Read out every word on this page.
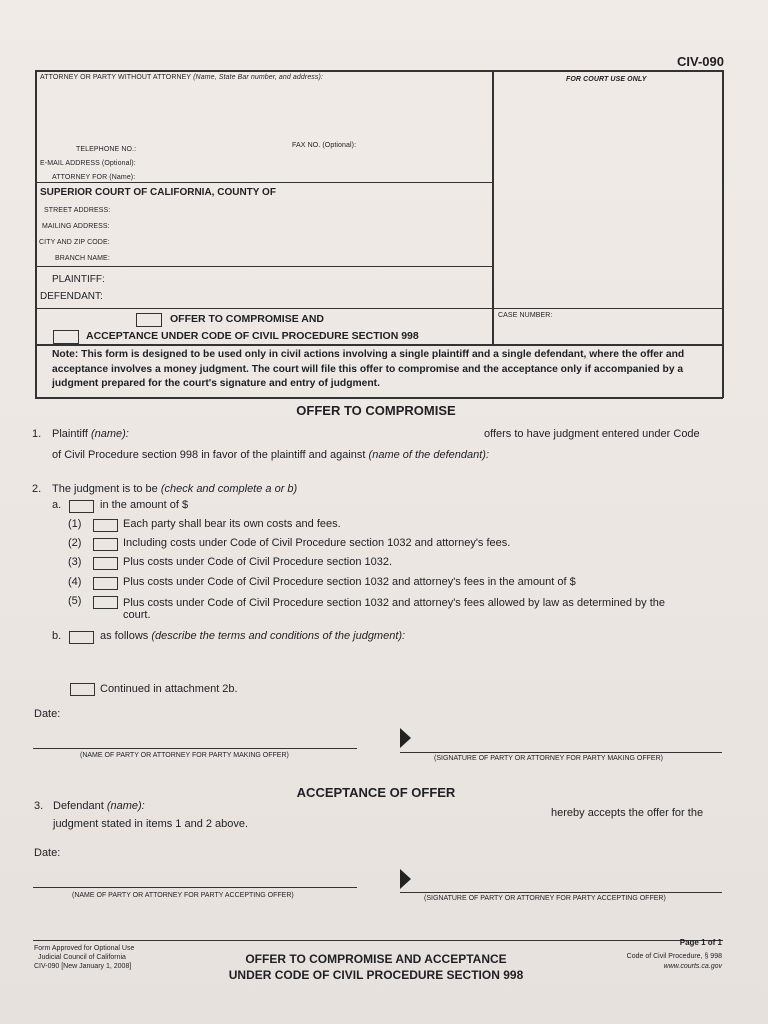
CIV-090
ATTORNEY OR PARTY WITHOUT ATTORNEY (Name, State Bar number, and address):	FOR COURT USE ONLY
TELEPHONE NO.:
FAX NO. (Optional):
E-MAIL ADDRESS (Optional):
ATTORNEY FOR (Name):
SUPERIOR COURT OF CALIFORNIA, COUNTY OF
STREET ADDRESS:
MAILING ADDRESS:
CITY AND ZIP CODE:
BRANCH NAME:
PLAINTIFF:
DEFENDANT:
OFFER TO COMPROMISE AND
ACCEPTANCE UNDER CODE OF CIVIL PROCEDURE SECTION 998
CASE NUMBER:
Note: This form is designed to be used only in civil actions involving a single plaintiff and a single defendant, where the offer and acceptance involves a money judgment. The court will file this offer to compromise and the acceptance only if accompanied by a judgment prepared for the court's signature and entry of judgment.
OFFER TO COMPROMISE
1. Plaintiff (name):	offers to have judgment entered under Code
of Civil Procedure section 998 in favor of the plaintiff and against (name of the defendant):
2. The judgment is to be (check and complete a or b)
a.	in the amount of $
(1)	Each party shall bear its own costs and fees.
(2)	Including costs under Code of Civil Procedure section 1032 and attorney's fees.
(3)	Plus costs under Code of Civil Procedure section 1032.
(4)	Plus costs under Code of Civil Procedure section 1032 and attorney's fees in the amount of $
(5)	Plus costs under Code of Civil Procedure section 1032 and attorney's fees allowed by law as determined by the
court.
b.	as follows (describe the terms and conditions of the judgment):
Continued in attachment 2b.
Date:
(NAME OF PARTY OR ATTORNEY FOR PARTY MAKING OFFER)	(SIGNATURE OF PARTY OR ATTORNEY FOR PARTY MAKING OFFER)
ACCEPTANCE OF OFFER
3. Defendant (name):
hereby accepts the offer for the
judgment stated in items 1 and 2 above.
Date:
(NAME OF PARTY OR ATTORNEY FOR PARTY ACCEPTING OFFER)	(SIGNATURE OF PARTY OR ATTORNEY FOR PARTY ACCEPTING OFFER)
Form Approved for Optional Use
Judicial Council of California
CIV-090 [New January 1, 2008]
OFFER TO COMPROMISE AND ACCEPTANCE
UNDER CODE OF CIVIL PROCEDURE SECTION 998
Page 1 of 1
Code of Civil Procedure, § 998
www.courts.ca.gov
